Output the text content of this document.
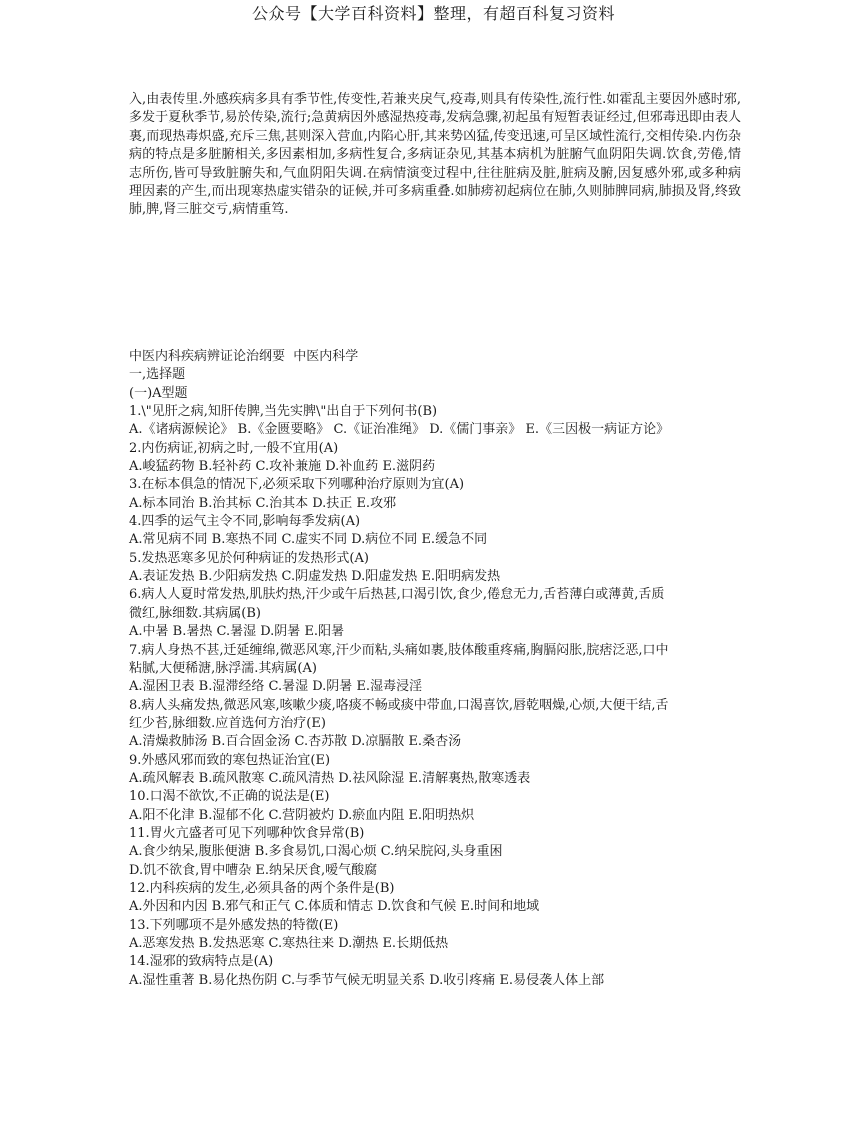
公众号【大学百科资料】整理，有超百科复习资料

入,由表传里.外感疾病多具有季节性,传变性,若兼夹戾气,疫毒,则具有传染性,流行性.如霍乱主要因外感时邪,多发于夏秋季节,易於传染,流行;急黄病因外感湿热疫毒,发病急骤,初起虽有短暂表证经过,但邪毒迅即由表人裏,而现热毒炽盛,充斥三焦,甚则深入营血,内陷心肝,其来势凶猛,传变迅速,可呈区域性流行,交相传染.内伤杂病的特点是多脏腑相关,多因素相加,多病性复合,多病证杂见,其基本病机为脏腑气血阴阳失调.饮食,劳倦,情志所伤,皆可导致脏腑失和,气血阴阳失调.在病情演变过程中,往往脏病及脏,脏病及腑,因复感外邪,或多种病理因素的产生,而出现寒热虚实错杂的证候,并可多病重叠.如肺痨初起病位在肺,久则肺脾同病,肺损及肾,终致肺,脾,肾三脏交亏,病情重笃.

中医内科疾病辨证论治纲要  中医内科学
一,选择题
(一)A型题
1.\"见肝之病,知肝传脾,当先实脾\"出自于下列何书(B)
A.《诸病源候论》 B.《金匮要略》 C.《证治准绳》 D.《儒门事亲》 E.《三因极一病证方论》
2.内伤病证,初病之时,一般不宜用(A)
A.峻猛药物 B.轻补药 C.攻补兼施 D.补血药 E.滋阴药
3.在标本俱急的情况下,必须采取下列哪种治疗原则为宜(A)
A.标本同治 B.治其标 C.治其本 D.扶正 E.攻邪
4.四季的运气主令不同,影响每季发病(A)
A.常见病不同 B.寒热不同 C.虚实不同 D.病位不同 E.缓急不同
5.发热恶寒多见於何种病证的发热形式(A)
A.表证发热 B.少阳病发热 C.阴虚发热 D.阳虚发热 E.阳明病发热
6.病人人夏时常发热,肌肤灼热,汗少或午后热甚,口渴引饮,食少,倦怠无力,舌苔薄白或薄黄,舌质
微红,脉细数.其病属(B)
A.中暑 B.暑热 C.暑湿 D.阴暑 E.阳暑
7.病人身热不甚,迁延缠绵,微恶风寒,汗少而粘,头痛如裹,肢体酸重疼痛,胸膈闷胀,脘痞泛恶,口中
粘腻,大便稀溏,脉浮濡.其病属(A)
A.湿困卫表 B.湿滞经络 C.暑湿 D.阴暑 E.湿毒浸淫
8.病人头痛发热,微恶风寒,咳嗽少痰,咯痰不畅或痰中带血,口渴喜饮,唇乾咽燥,心烦,大便干结,舌
红少苔,脉细数.应首选何方治疗(E)
A.清燥救肺汤 B.百合固金汤 C.杏苏散 D.凉膈散 E.桑杏汤
9.外感风邪而致的寒包热证治宜(E)
A.疏风解表 B.疏风散寒 C.疏风清热 D.祛风除湿 E.清解裏热,散寒透表
10.口渴不欲饮,不正确的说法是(E)
A.阳不化津 B.湿郁不化 C.营阴被灼 D.瘀血内阻 E.阳明热炽
11.胃火亢盛者可见下列哪种饮食异常(B)
A.食少纳呆,腹胀便溏 B.多食易饥,口渴心烦 C.纳呆脘闷,头身重困
D.饥不欲食,胃中嘈杂 E.纳呆厌食,嗳气酸腐
12.内科疾病的发生,必须具备的两个条件是(B)
A.外因和内因 B.邪气和正气 C.体质和情志 D.饮食和气候 E.时间和地域
13.下列哪项不是外感发热的特徵(E)
A.恶寒发热 B.发热恶寒 C.寒热往来 D.潮热 E.长期低热
14.湿邪的致病特点是(A)
A.湿性重著 B.易化热伤阴 C.与季节气候无明显关系 D.收引疼痛 E.易侵袭人体上部
